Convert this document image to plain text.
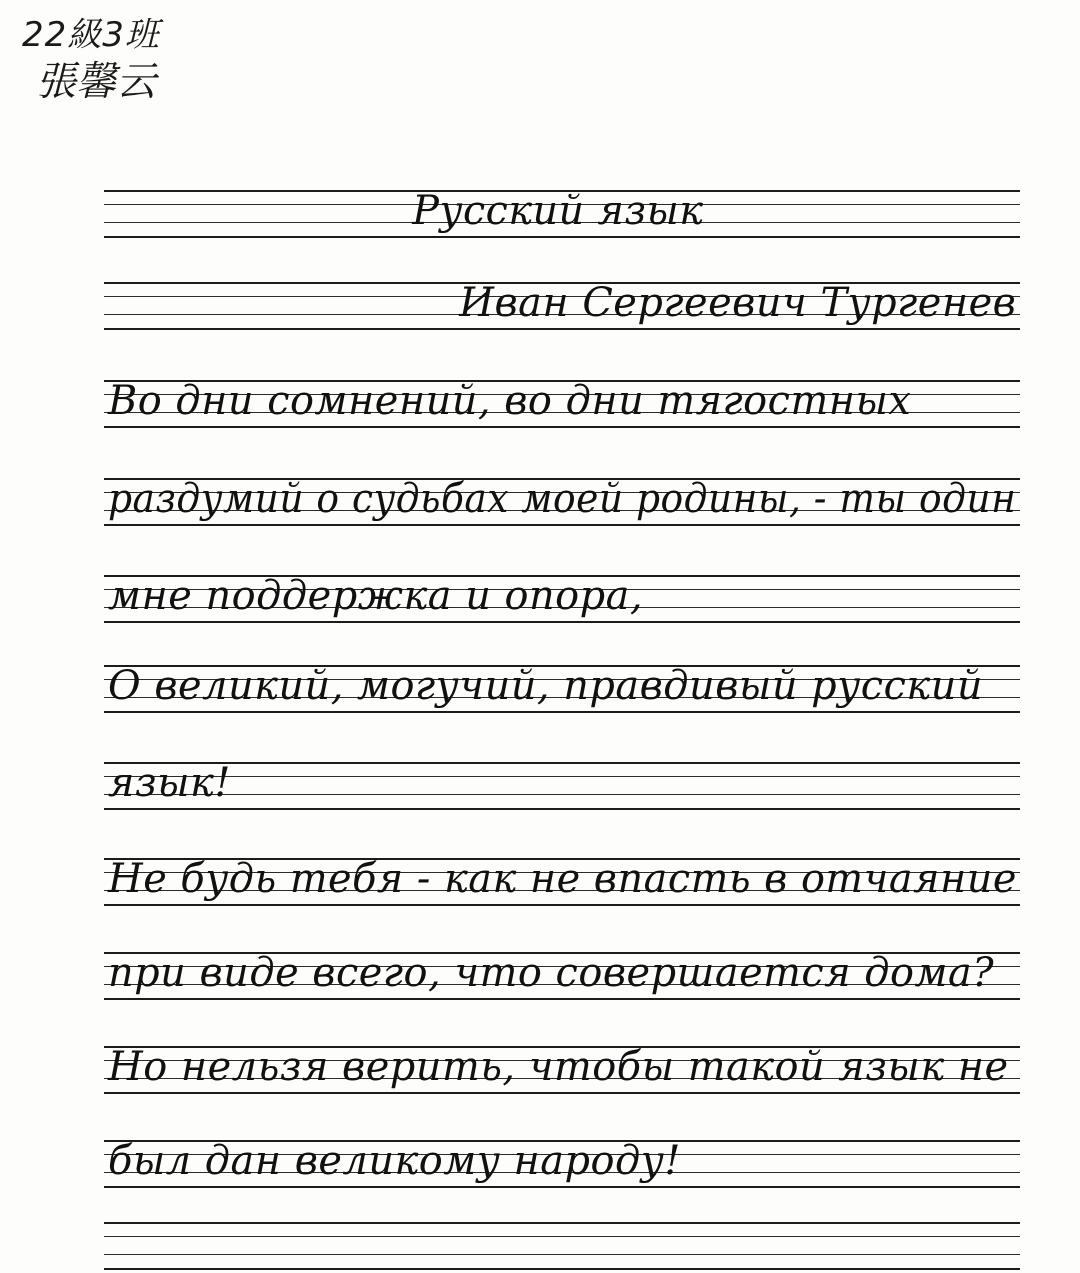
22級3班
張馨云
Русский язык
Иван Сергеевич Тургенев
Во дни сомнений, во дни тягостных
раздумий о судьбах моей родины, - ты один
мне поддержка и опора,
О великий, могучий, правдивый русский
язык!
Не будь тебя - как не впасть в отчаяние
при виде всего, что совершается дома?
Но нельзя верить, чтобы такой язык не
был дан великому народу!
